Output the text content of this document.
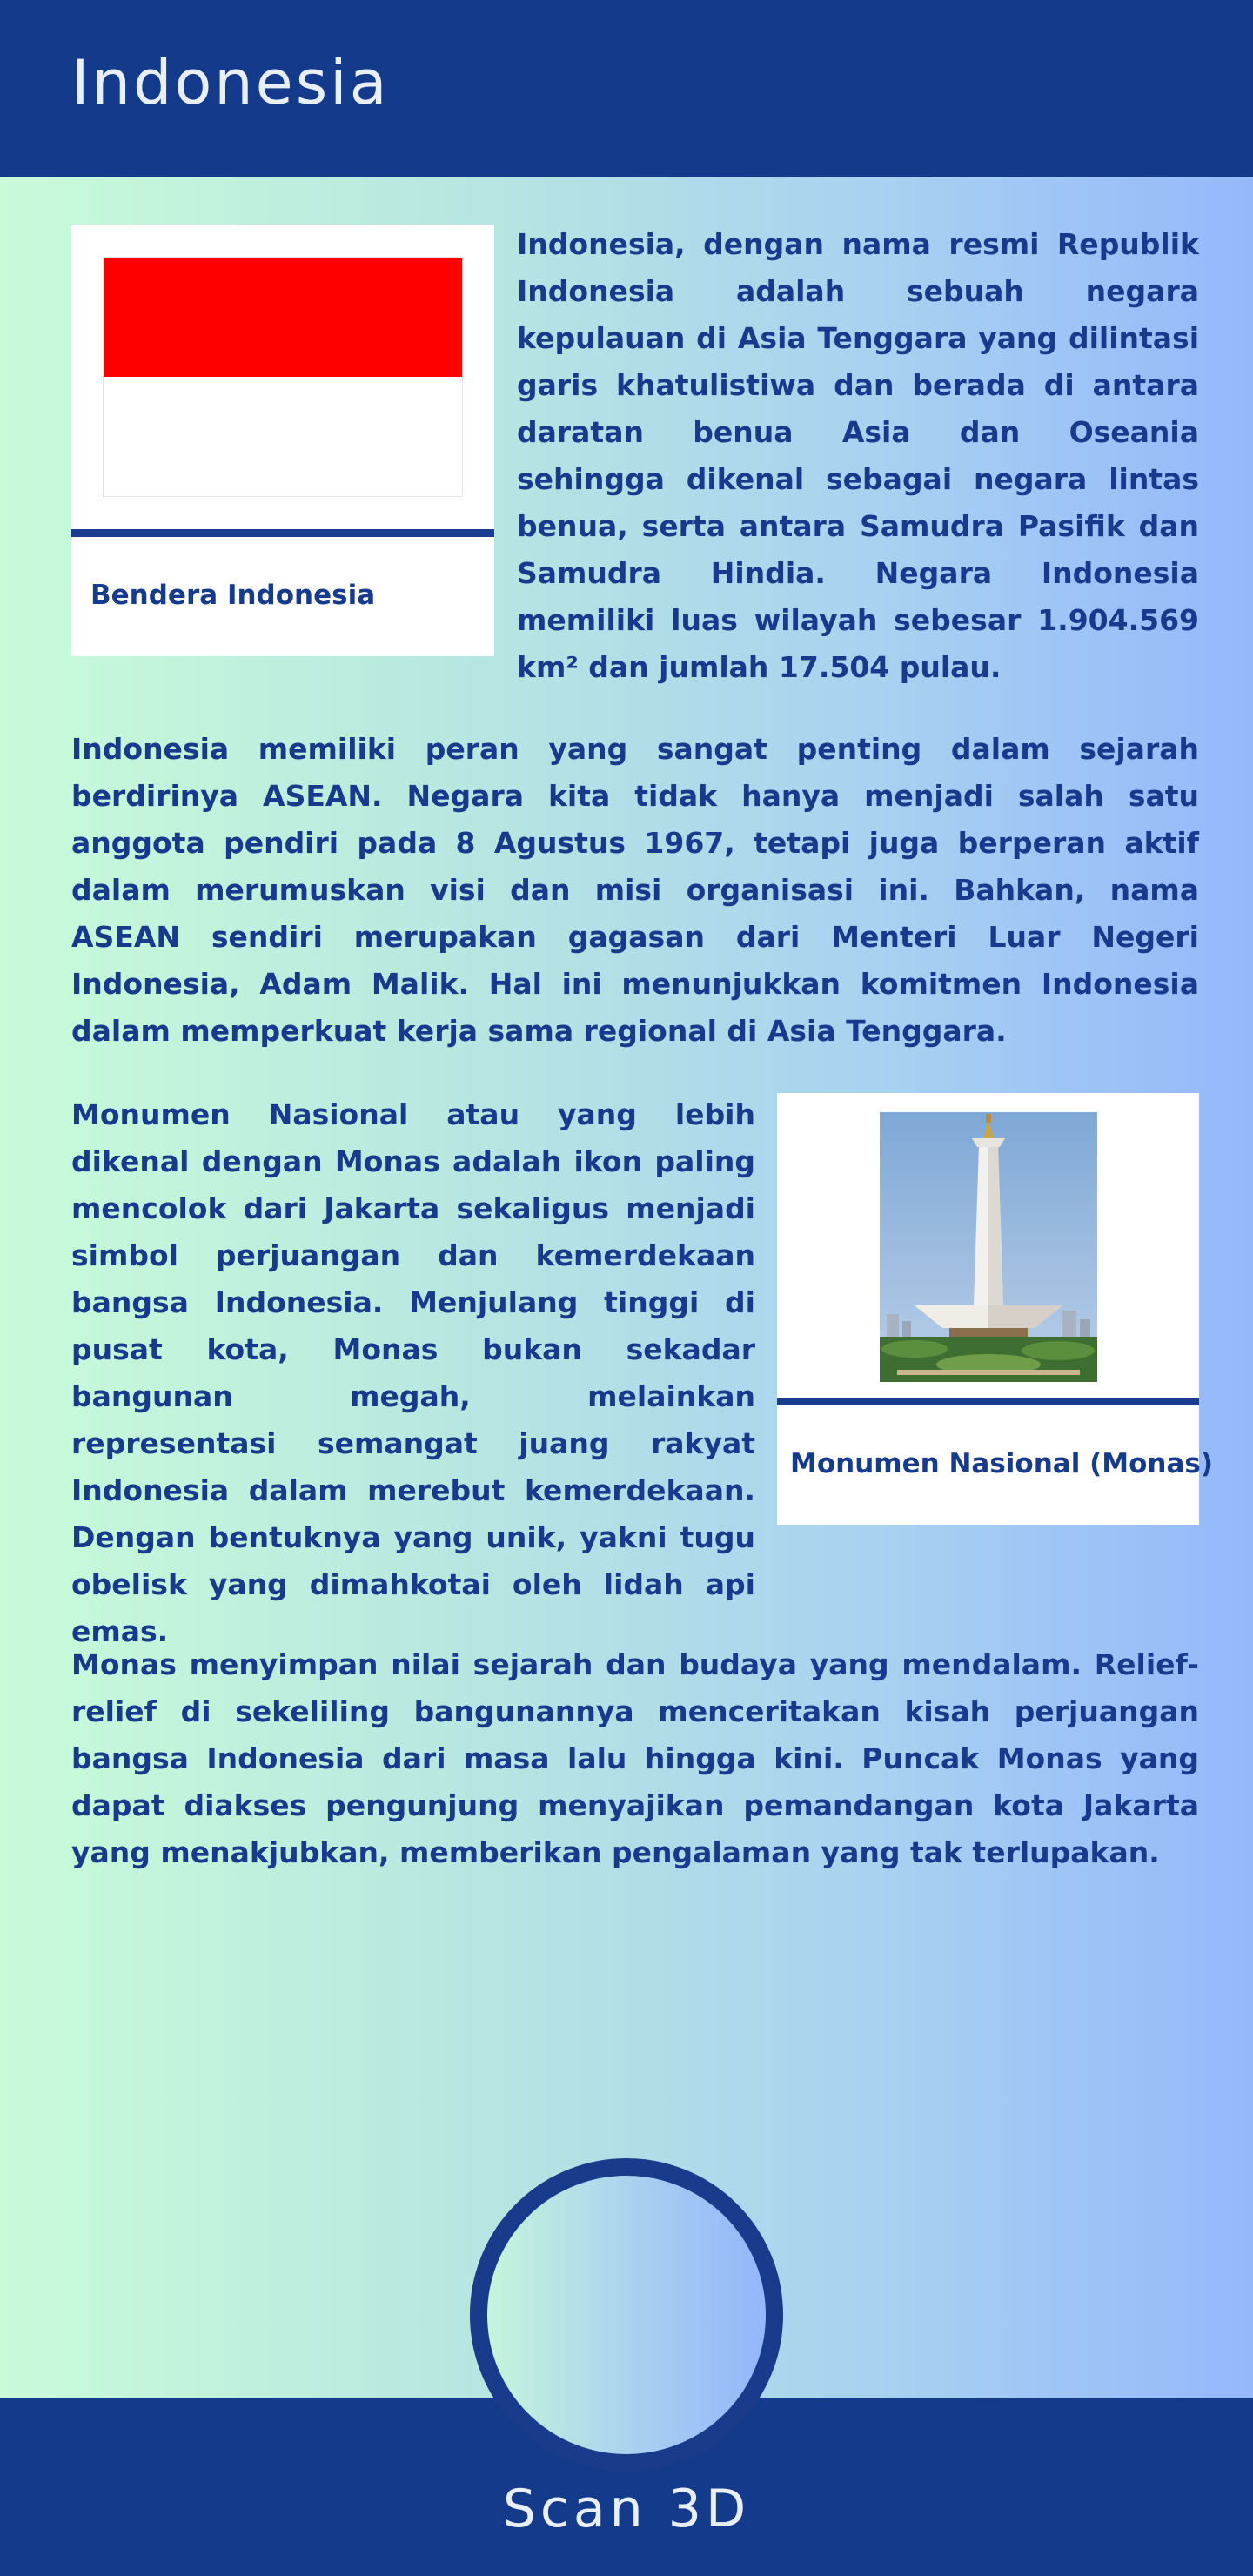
Indonesia
Bendera Indonesia

Indonesia, dengan nama resmi Republik Indonesia adalah sebuah negara kepulauan di Asia Tenggara yang dilintasi garis khatulistiwa dan berada di antara daratan benua Asia dan Oseania sehingga dikenal sebagai negara lintas benua, serta antara Samudra Pasifik dan Samudra Hindia. Negara Indonesia memiliki luas wilayah sebesar 1.904.569 km² dan jumlah 17.504 pulau.

Indonesia memiliki peran yang sangat penting dalam sejarah berdirinya ASEAN. Negara kita tidak hanya menjadi salah satu anggota pendiri pada 8 Agustus 1967, tetapi juga berperan aktif dalam merumuskan visi dan misi organisasi ini. Bahkan, nama ASEAN sendiri merupakan gagasan dari Menteri Luar Negeri Indonesia, Adam Malik. Hal ini menunjukkan komitmen Indonesia dalam memperkuat kerja sama regional di Asia Tenggara.

Monumen Nasional atau yang lebih dikenal dengan Monas adalah ikon paling mencolok dari Jakarta sekaligus menjadi simbol perjuangan dan kemerdekaan bangsa Indonesia. Menjulang tinggi di pusat kota, Monas bukan sekadar bangunan megah, melainkan representasi semangat juang rakyat Indonesia dalam merebut kemerdekaan. Dengan bentuknya yang unik, yakni tugu obelisk yang dimahkotai oleh lidah api emas.

Monumen Nasional (Monas)

Monas menyimpan nilai sejarah dan budaya yang mendalam. Relief-relief di sekeliling bangunannya menceritakan kisah perjuangan bangsa Indonesia dari masa lalu hingga kini. Puncak Monas yang dapat diakses pengunjung menyajikan pemandangan kota Jakarta yang menakjubkan, memberikan pengalaman yang tak terlupakan.

Scan 3D
